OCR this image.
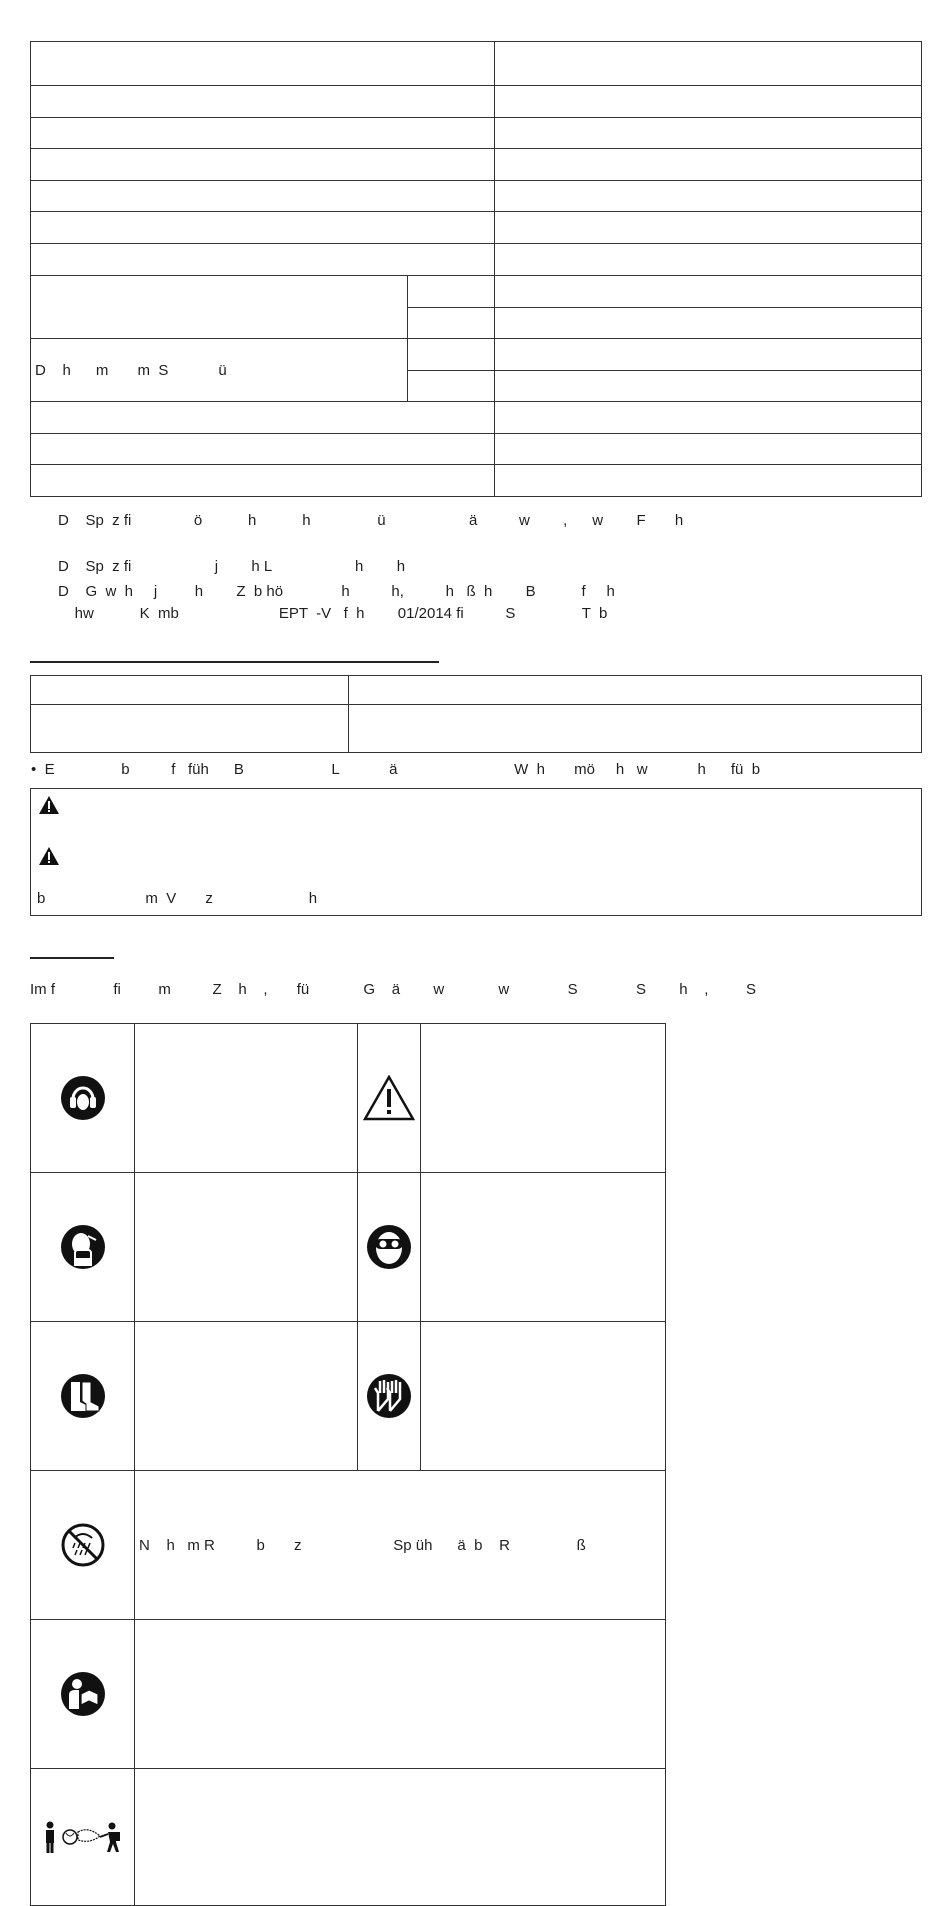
D    h      m       m  S            ü		

D    Sp  z fi               ö           h           h                ü                    ä          w        ,      w        F       h
D    Sp  z fi                    j        h L                    h        h
D    G  w  h     j         h        Z  b hö              h          h,          h   ß  h        B           f     h
hw           K  mb                        EPT  -V   f  h        01/2014 fi          S                T  b

•  E                b          f   füh      B                     L            ä                            W  h       mö     h   w            h      fü  b
b                        m  V       z                       h
Im f              fi         m          Z    h    ,       fü             G    ä        w             w              S              S        h    ,         S

	N    h   m R          b       z                      Sp üh      ä  b    R                ß		
